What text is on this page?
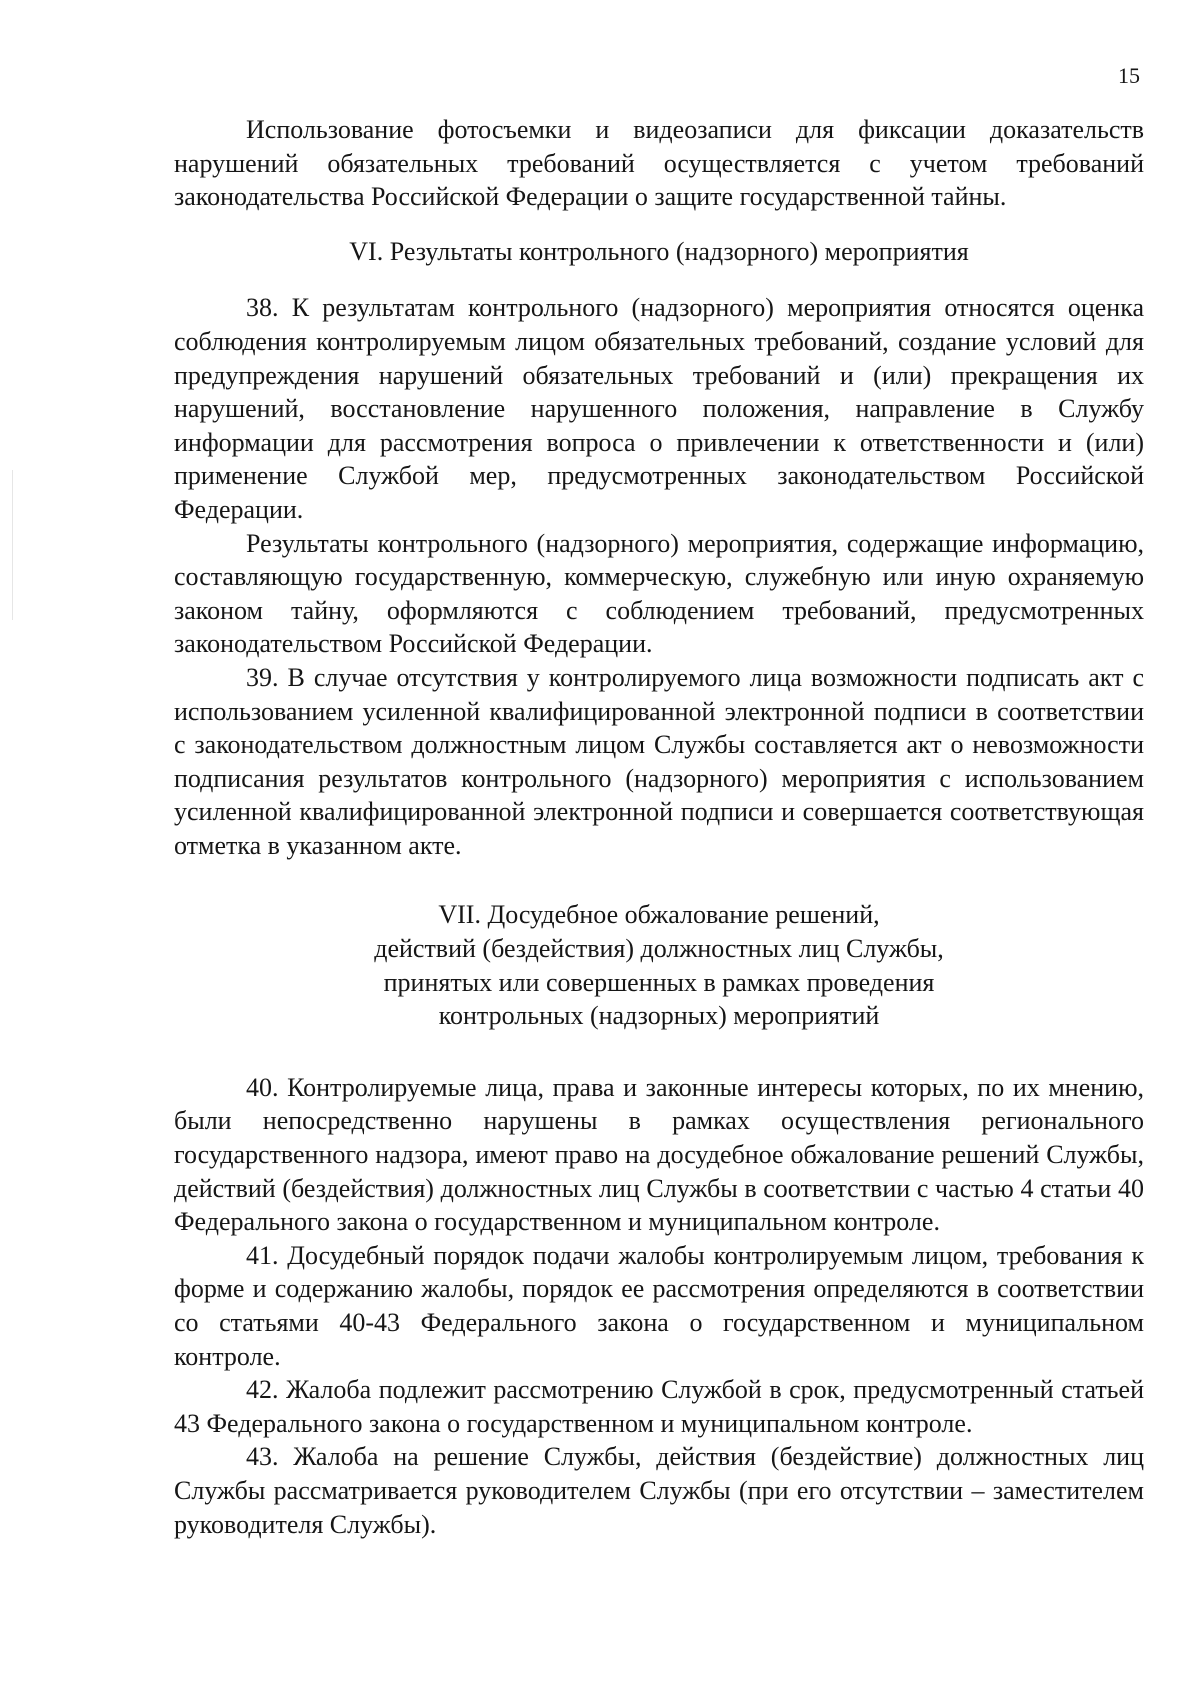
15

Использование фотосъемки и видеозаписи для фиксации доказательств нарушений обязательных требований осуществляется с учетом требований законодательства Российской Федерации о защите государственной тайны.

VI. Результаты контрольного (надзорного) мероприятия

38. К результатам контрольного (надзорного) мероприятия относятся оценка соблюдения контролируемым лицом обязательных требований, создание условий для предупреждения нарушений обязательных требований и (или) прекращения их нарушений, восстановление нарушенного положения, направление в Службу информации для рассмотрения вопроса о привлечении к ответственности и (или) применение Службой мер, предусмотренных законодательством Российской Федерации.

Результаты контрольного (надзорного) мероприятия, содержащие информацию, составляющую государственную, коммерческую, служебную или иную охраняемую законом тайну, оформляются с соблюдением требований, предусмотренных законодательством Российской Федерации.

39. В случае отсутствия у контролируемого лица возможности подписать акт с использованием усиленной квалифицированной электронной подписи в соответствии с законодательством должностным лицом Службы составляется акт о невозможности подписания результатов контрольного (надзорного) мероприятия с использованием усиленной квалифицированной электронной подписи и совершается соответствующая отметка в указанном акте.

VII. Досудебное обжалование решений,
действий (бездействия) должностных лиц Службы,
принятых или совершенных в рамках проведения
контрольных (надзорных) мероприятий

40. Контролируемые лица, права и законные интересы которых, по их мнению, были непосредственно нарушены в рамках осуществления регионального государственного надзора, имеют право на досудебное обжалование решений Службы, действий (бездействия) должностных лиц Службы в соответствии с частью 4 статьи 40 Федерального закона о государственном и муниципальном контроле.

41. Досудебный порядок подачи жалобы контролируемым лицом, требования к форме и содержанию жалобы, порядок ее рассмотрения определяются в соответствии со статьями 40-43 Федерального закона о государственном и муниципальном контроле.

42. Жалоба подлежит рассмотрению Службой в срок, предусмотренный статьей 43 Федерального закона о государственном и муниципальном контроле.

43. Жалоба на решение Службы, действия (бездействие) должностных лиц Службы рассматривается руководителем Службы (при его отсутствии – заместителем руководителя Службы).
